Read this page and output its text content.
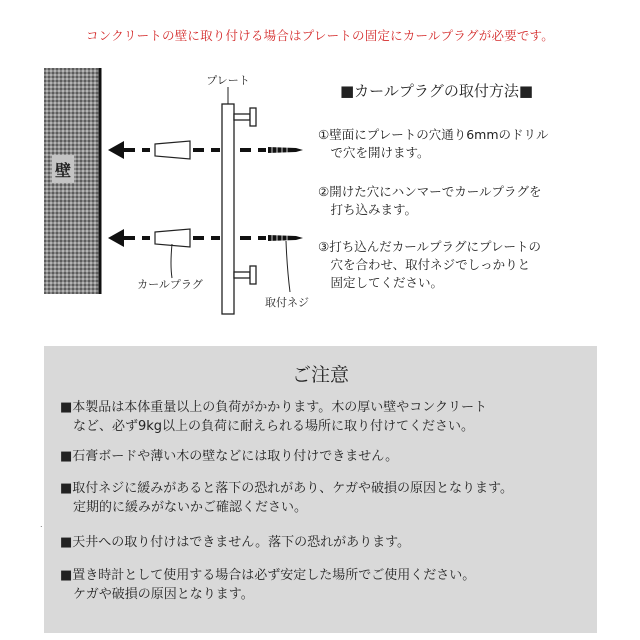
コンクリートの壁に取り付ける場合はプレートの固定にカールプラグが必要です。
壁
プレート
カールプラグ
取付ネジ
■カールプラグの取付方法■
①壁面にプレートの穴通り6mmのドリル
　で穴を開けます。
②開けた穴にハンマーでカールプラグを
　打ち込みます。
③打ち込んだカールプラグにプレートの
　穴を合わせ、取付ネジでしっかりと
　固定してください。
.
ご注意
■本製品は本体重量以上の負荷がかかります。木の厚い壁やコンクリート
　など、必ず9kg以上の負荷に耐えられる場所に取り付けてください。
■石膏ボードや薄い木の壁などには取り付けできません。
■取付ネジに緩みがあると落下の恐れがあり、ケガや破損の原因となります。
　定期的に緩みがないかご確認ください。
■天井への取り付けはできません。落下の恐れがあります。
■置き時計として使用する場合は必ず安定した場所でご使用ください。
　ケガや破損の原因となります。
